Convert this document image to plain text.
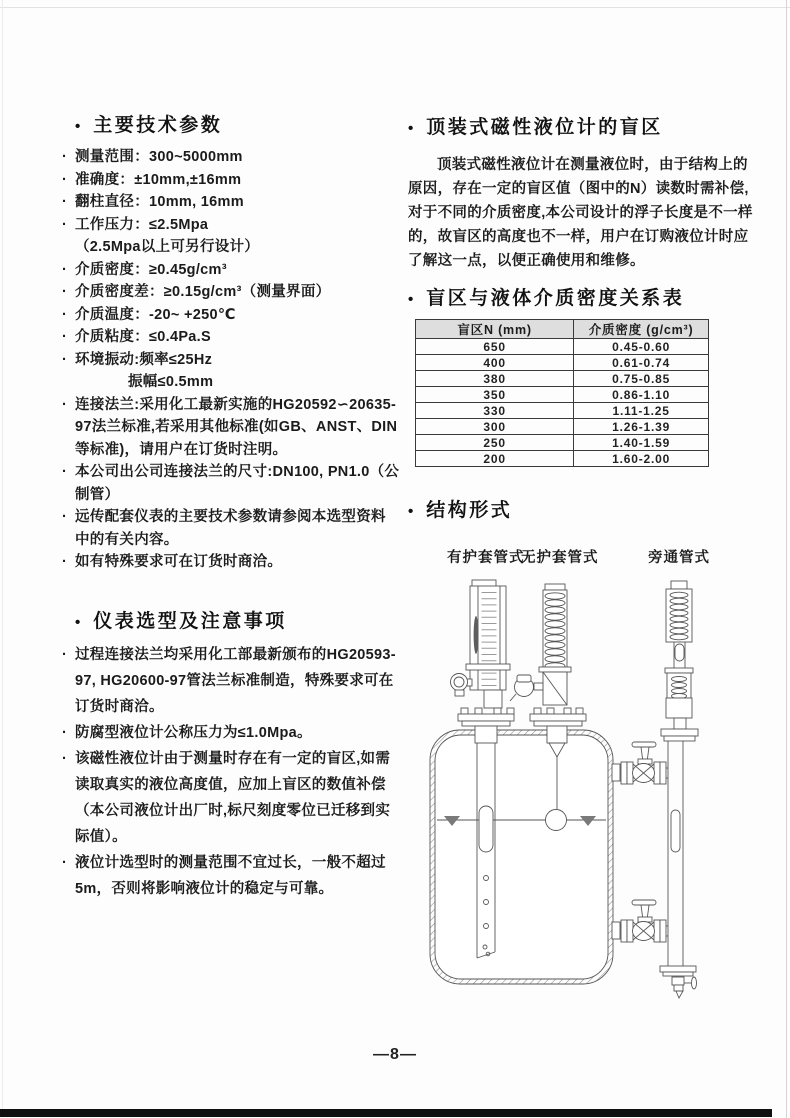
• 主要技术参数
· 测量范围：300~5000mm
· 准确度：±10mm,±16mm
· 翻柱直径：10mm, 16mm
· 工作压力：≤2.5Mpa
（2.5Mpa以上可另行设计）
· 介质密度：≥0.45g/cm³
· 介质密度差：≥0.15g/cm³（测量界面）
· 介质温度：-20~ +250℃
· 介质粘度：≤0.4Pa.S
· 环境振动:频率≤25Hz
振幅≤0.5mm
· 连接法兰:采用化工最新实施的HG20592∽20635-97法兰标准,若采用其他标准(如GB、ANST、DIN等标准)，请用户在订货时注明。
· 本公司出公司连接法兰的尺寸:DN100, PN1.0（公制管）
· 远传配套仪表的主要技术参数请参阅本选型资料中的有关内容。
· 如有特殊要求可在订货时商洽。
• 仪表选型及注意事项
· 过程连接法兰均采用化工部最新颁布的HG20593-97, HG20600-97管法兰标准制造，特殊要求可在订货时商洽。
· 防腐型液位计公称压力为≤1.0Mpa。
· 该磁性液位计由于测量时存在有一定的盲区,如需读取真实的液位高度值，应加上盲区的数值补偿（本公司液位计出厂时,标尺刻度零位已迁移到实际值）。
· 液位计选型时的测量范围不宜过长，一般不超过5m，否则将影响液位计的稳定与可靠。
• 顶装式磁性液位计的盲区
顶装式磁性液位计在测量液位时，由于结构上的原因，存在一定的盲区值（图中的N）读数时需补偿,对于不同的介质密度,本公司设计的浮子长度是不一样的，故盲区的高度也不一样，用户在订购液位计时应了解这一点，以便正确使用和维修。
• 盲区与液体介质密度关系表
盲区N (mm)	介质密度 (g/cm³)
650	0.45-0.60
400	0.61-0.74
380	0.75-0.85
350	0.86-1.10
330	1.11-1.25
300	1.26-1.39
250	1.40-1.59
200	1.60-2.00
• 结构形式
有护套管式
无护套管式	旁通管式
—8—
